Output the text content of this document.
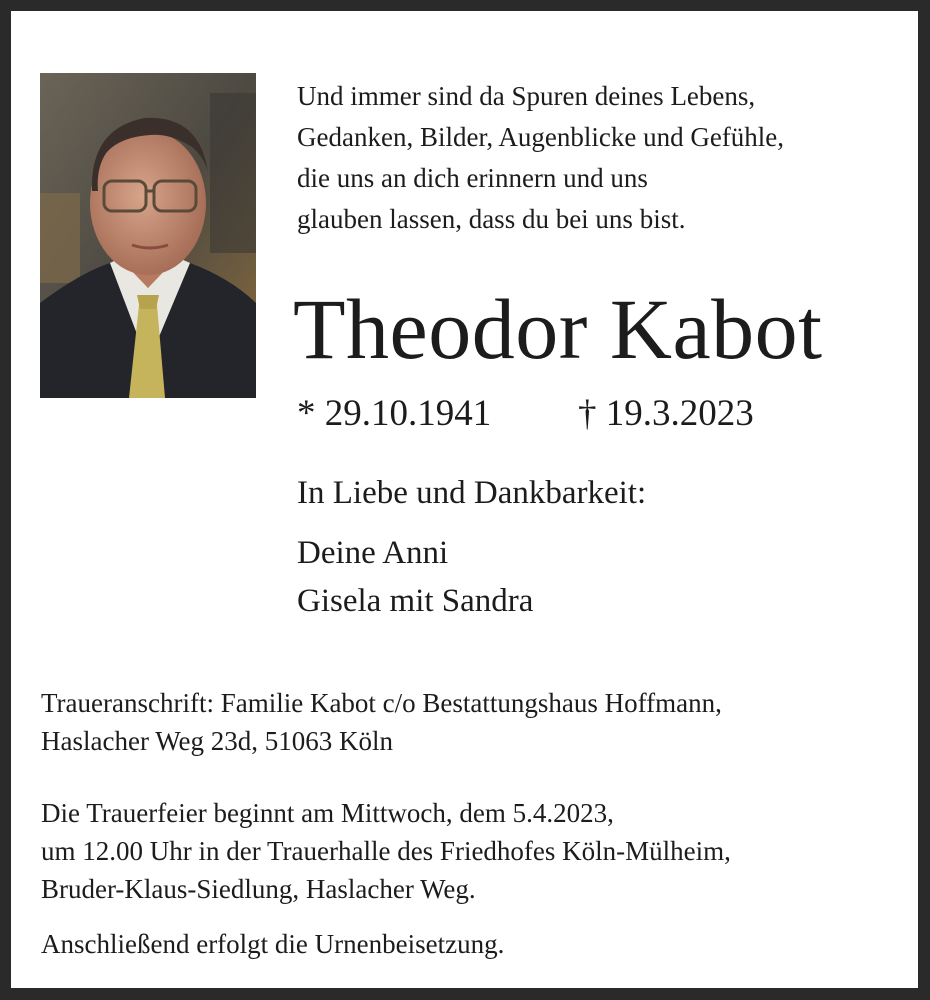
Und immer sind da Spuren deines Lebens,
Gedanken, Bilder, Augenblicke und Gefühle,
die uns an dich erinnern und uns
glauben lassen, dass du bei uns bist.
Theodor Kabot
* 29.10.1941 † 19.3.2023
In Liebe und Dankbarkeit:
Deine Anni
Gisela mit Sandra
Traueranschrift: Familie Kabot c/o Bestattungshaus Hoffmann,
Haslacher Weg 23d, 51063 Köln
Die Trauerfeier beginnt am Mittwoch, dem 5.4.2023,
um 12.00 Uhr in der Trauerhalle des Friedhofes Köln-Mülheim,
Bruder-Klaus-Siedlung, Haslacher Weg.
Anschließend erfolgt die Urnenbeisetzung.
